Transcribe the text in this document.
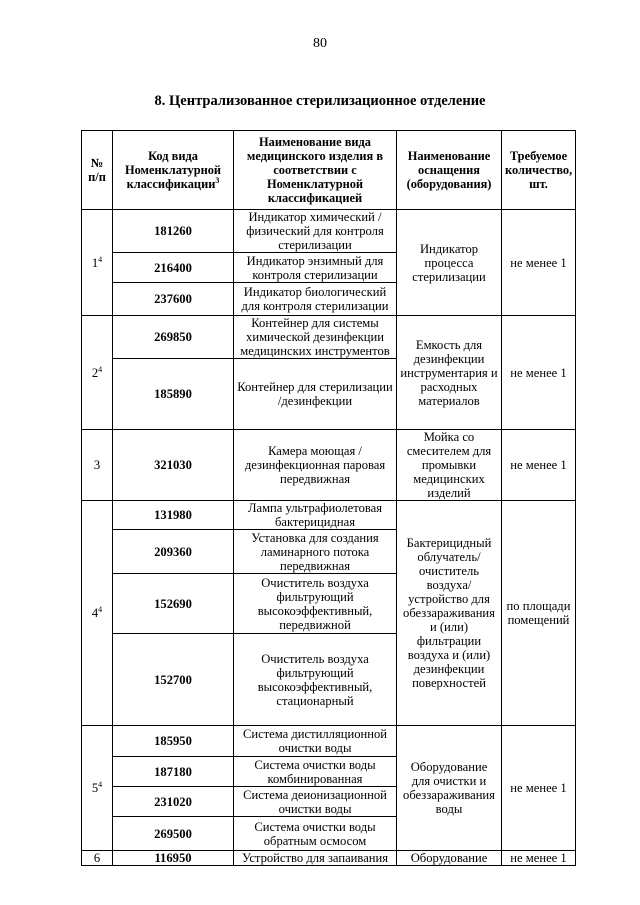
80
8. Централизованное стерилизационное отделение
№ п/п	Код вида Номенклатурной классификации$^3$	Наименование вида медицинского изделия в соответствии с Номенклатурной классификацией	Наименование оснащения (оборудования)	Требуемое количество, шт.
$1^4$	181260	Индикатор химический /физический для контроля стерилизации	Индикатор процесса стерилизации	не менее 1
	216400	Индикатор энзимный для контроля стерилизации		
	237600	Индикатор биологический для контроля стерилизации		
$2^4$	269850	Контейнер для системы химической дезинфекции медицинских инструментов	Емкость для дезинфекции инструментария и расходных материалов	не менее 1
	185890	Контейнер для стерилизации /дезинфекции		
3	321030	Камера моющая /дезинфекционная паровая передвижная	Мойка со смесителем для промывки медицинских изделий	не менее 1
$4^4$	131980	Лампа ультрафиолетовая бактерицидная	Бактерицидный облучатель/ очиститель воздуха/ устройство для обеззараживания и (или) фильтрации воздуха и (или) дезинфекции поверхностей	по площади помещений
	209360	Установка для создания ламинарного потока передвижная		
	152690	Очиститель воздуха фильтрующий высокоэффективный, передвижной		
	152700	Очиститель воздуха фильтрующий высокоэффективный, стационарный		
$5^4$	185950	Система дистилляционной очистки воды	Оборудование для очистки и обеззараживания воды	не менее 1
	187180	Система очистки воды комбинированная		
	231020	Система деионизационной очистки воды		
	269500	Система очистки воды обратным осмосом		
6	116950	Устройство для запаивания	Оборудование	не менее 1
